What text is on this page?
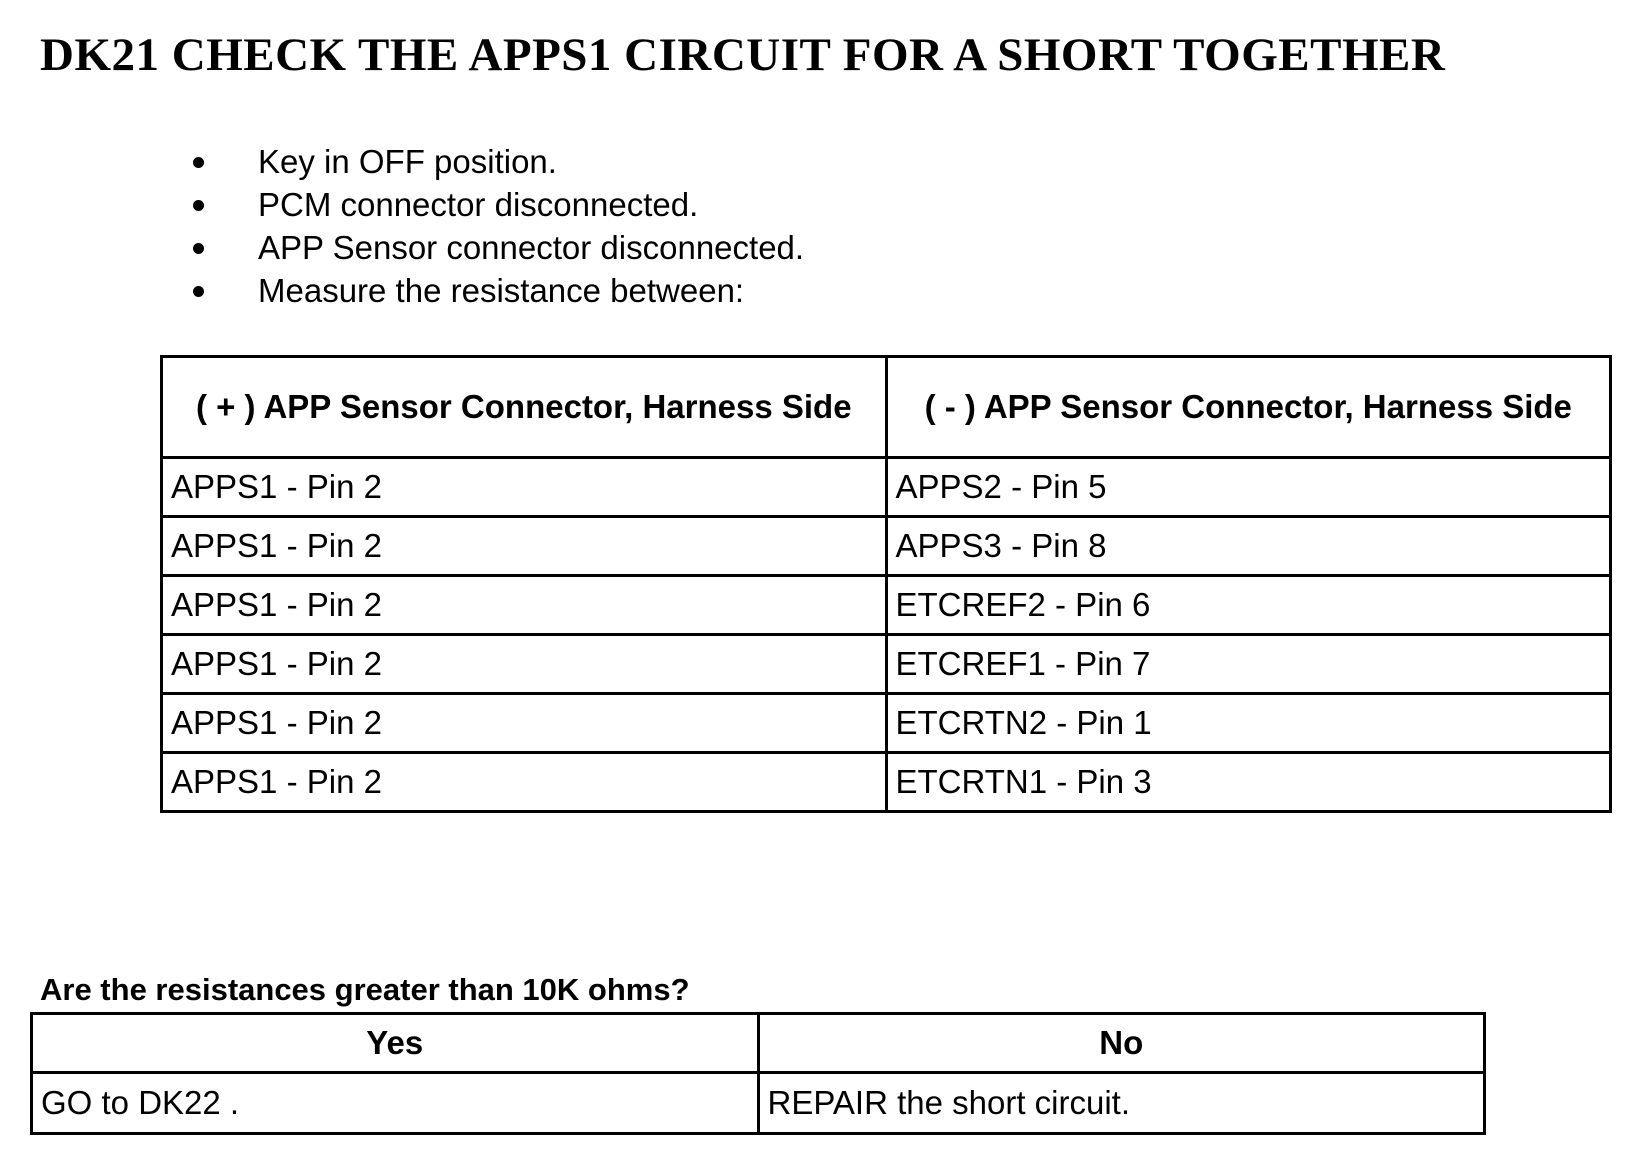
DK21 CHECK THE APPS1 CIRCUIT FOR A SHORT TOGETHER
Key in OFF position.
PCM connector disconnected.
APP Sensor connector disconnected.
Measure the resistance between:
( + ) APP Sensor Connector, Harness Side	( - ) APP Sensor Connector, Harness Side
APPS1 - Pin 2	APPS2 - Pin 5
APPS1 - Pin 2	APPS3 - Pin 8
APPS1 - Pin 2	ETCREF2 - Pin 6
APPS1 - Pin 2	ETCREF1 - Pin 7
APPS1 - Pin 2	ETCRTN2 - Pin 1
APPS1 - Pin 2	ETCRTN1 - Pin 3

Are the resistances greater than 10K ohms?

Yes	No
GO to DK22 .	REPAIR the short circuit.
